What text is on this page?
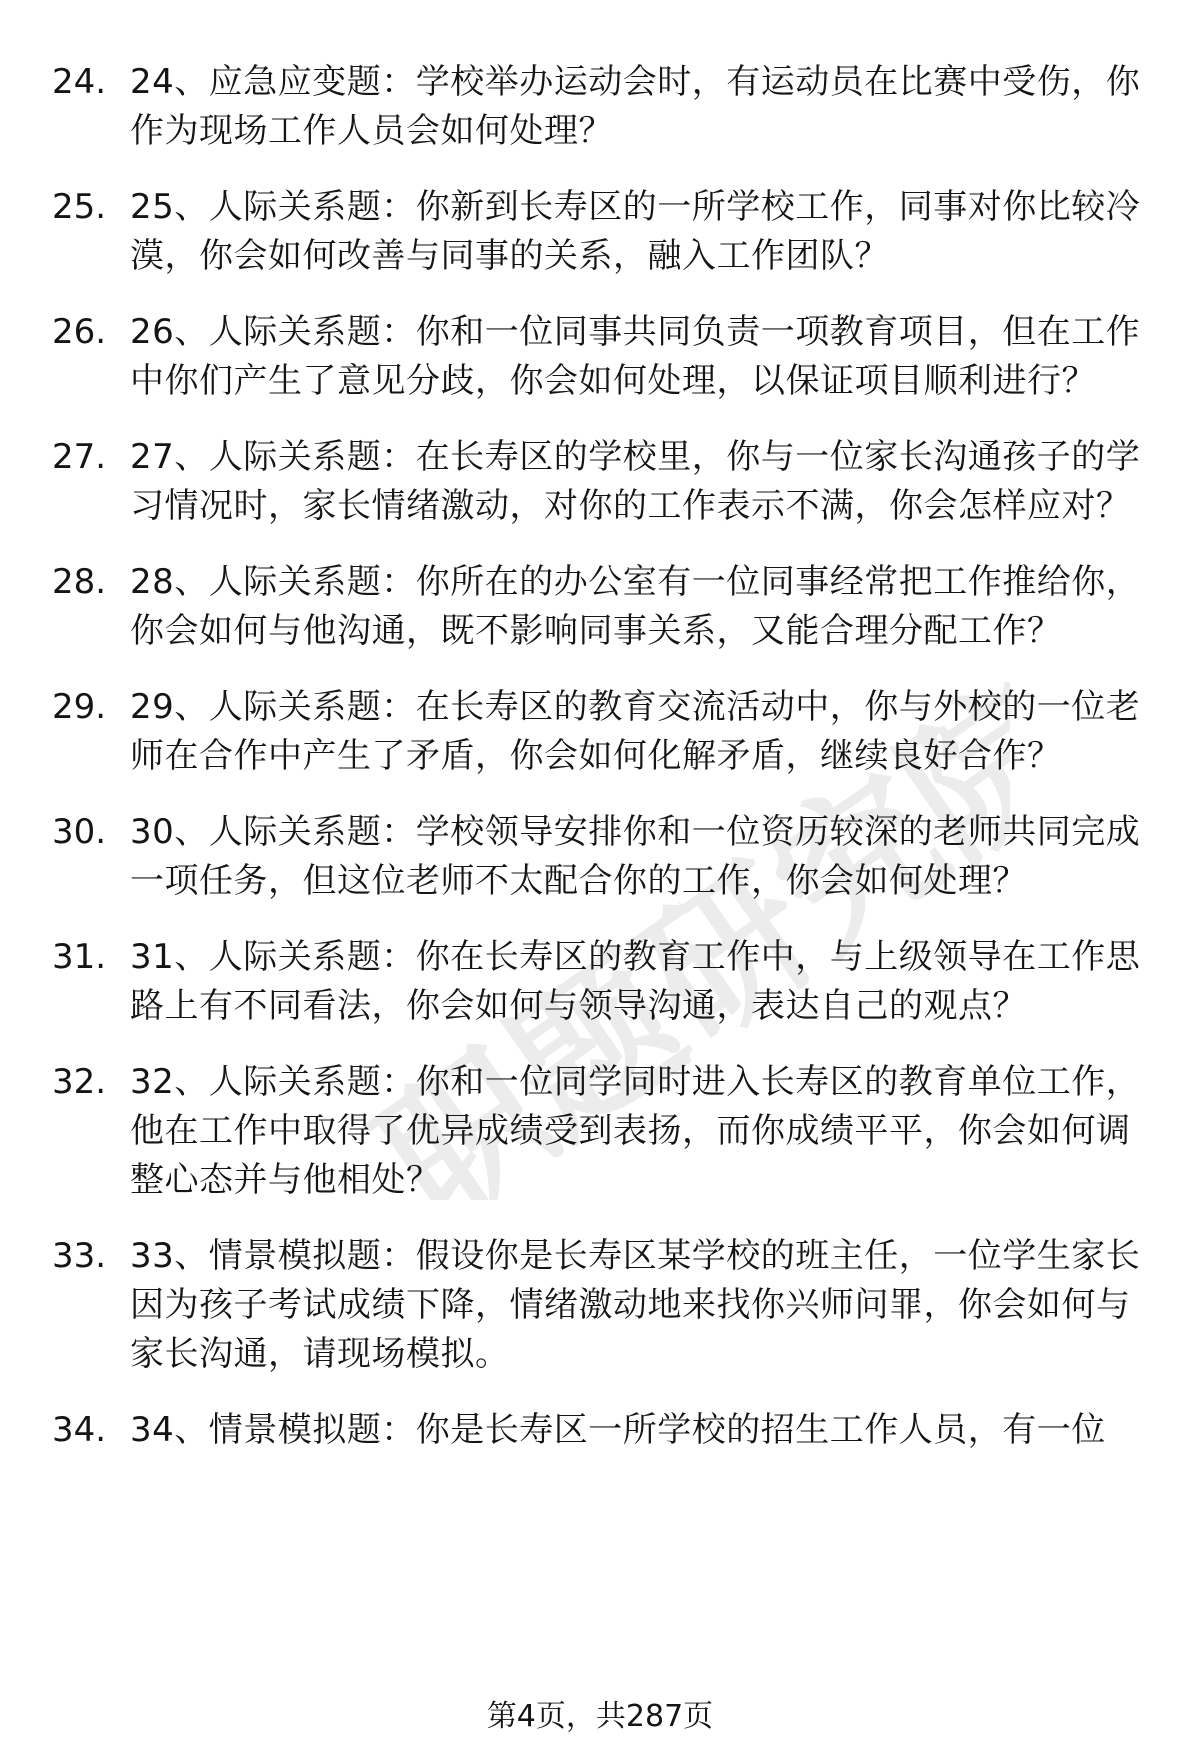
职题研究院
24. 24、应急应变题：学校举办运动会时，有运动员在比赛中受伤，你作为现场工作人员会如何处理？
25. 25、人际关系题：你新到长寿区的一所学校工作，同事对你比较冷漠，你会如何改善与同事的关系，融入工作团队？
26. 26、人际关系题：你和一位同事共同负责一项教育项目，但在工作中你们产生了意见分歧，你会如何处理，以保证项目顺利进行？
27. 27、人际关系题：在长寿区的学校里，你与一位家长沟通孩子的学习情况时，家长情绪激动，对你的工作表示不满，你会怎样应对？
28. 28、人际关系题：你所在的办公室有一位同事经常把工作推给你，你会如何与他沟通，既不影响同事关系，又能合理分配工作？
29. 29、人际关系题：在长寿区的教育交流活动中，你与外校的一位老师在合作中产生了矛盾，你会如何化解矛盾，继续良好合作？
30. 30、人际关系题：学校领导安排你和一位资历较深的老师共同完成一项任务，但这位老师不太配合你的工作，你会如何处理？
31. 31、人际关系题：你在长寿区的教育工作中，与上级领导在工作思路上有不同看法，你会如何与领导沟通，表达自己的观点？
32. 32、人际关系题：你和一位同学同时进入长寿区的教育单位工作，他在工作中取得了优异成绩受到表扬，而你成绩平平，你会如何调整心态并与他相处？
33. 33、情景模拟题：假设你是长寿区某学校的班主任，一位学生家长因为孩子考试成绩下降，情绪激动地来找你兴师问罪，你会如何与家长沟通，请现场模拟。
34. 34、情景模拟题：你是长寿区一所学校的招生工作人员，有一位
第4页，共287页
